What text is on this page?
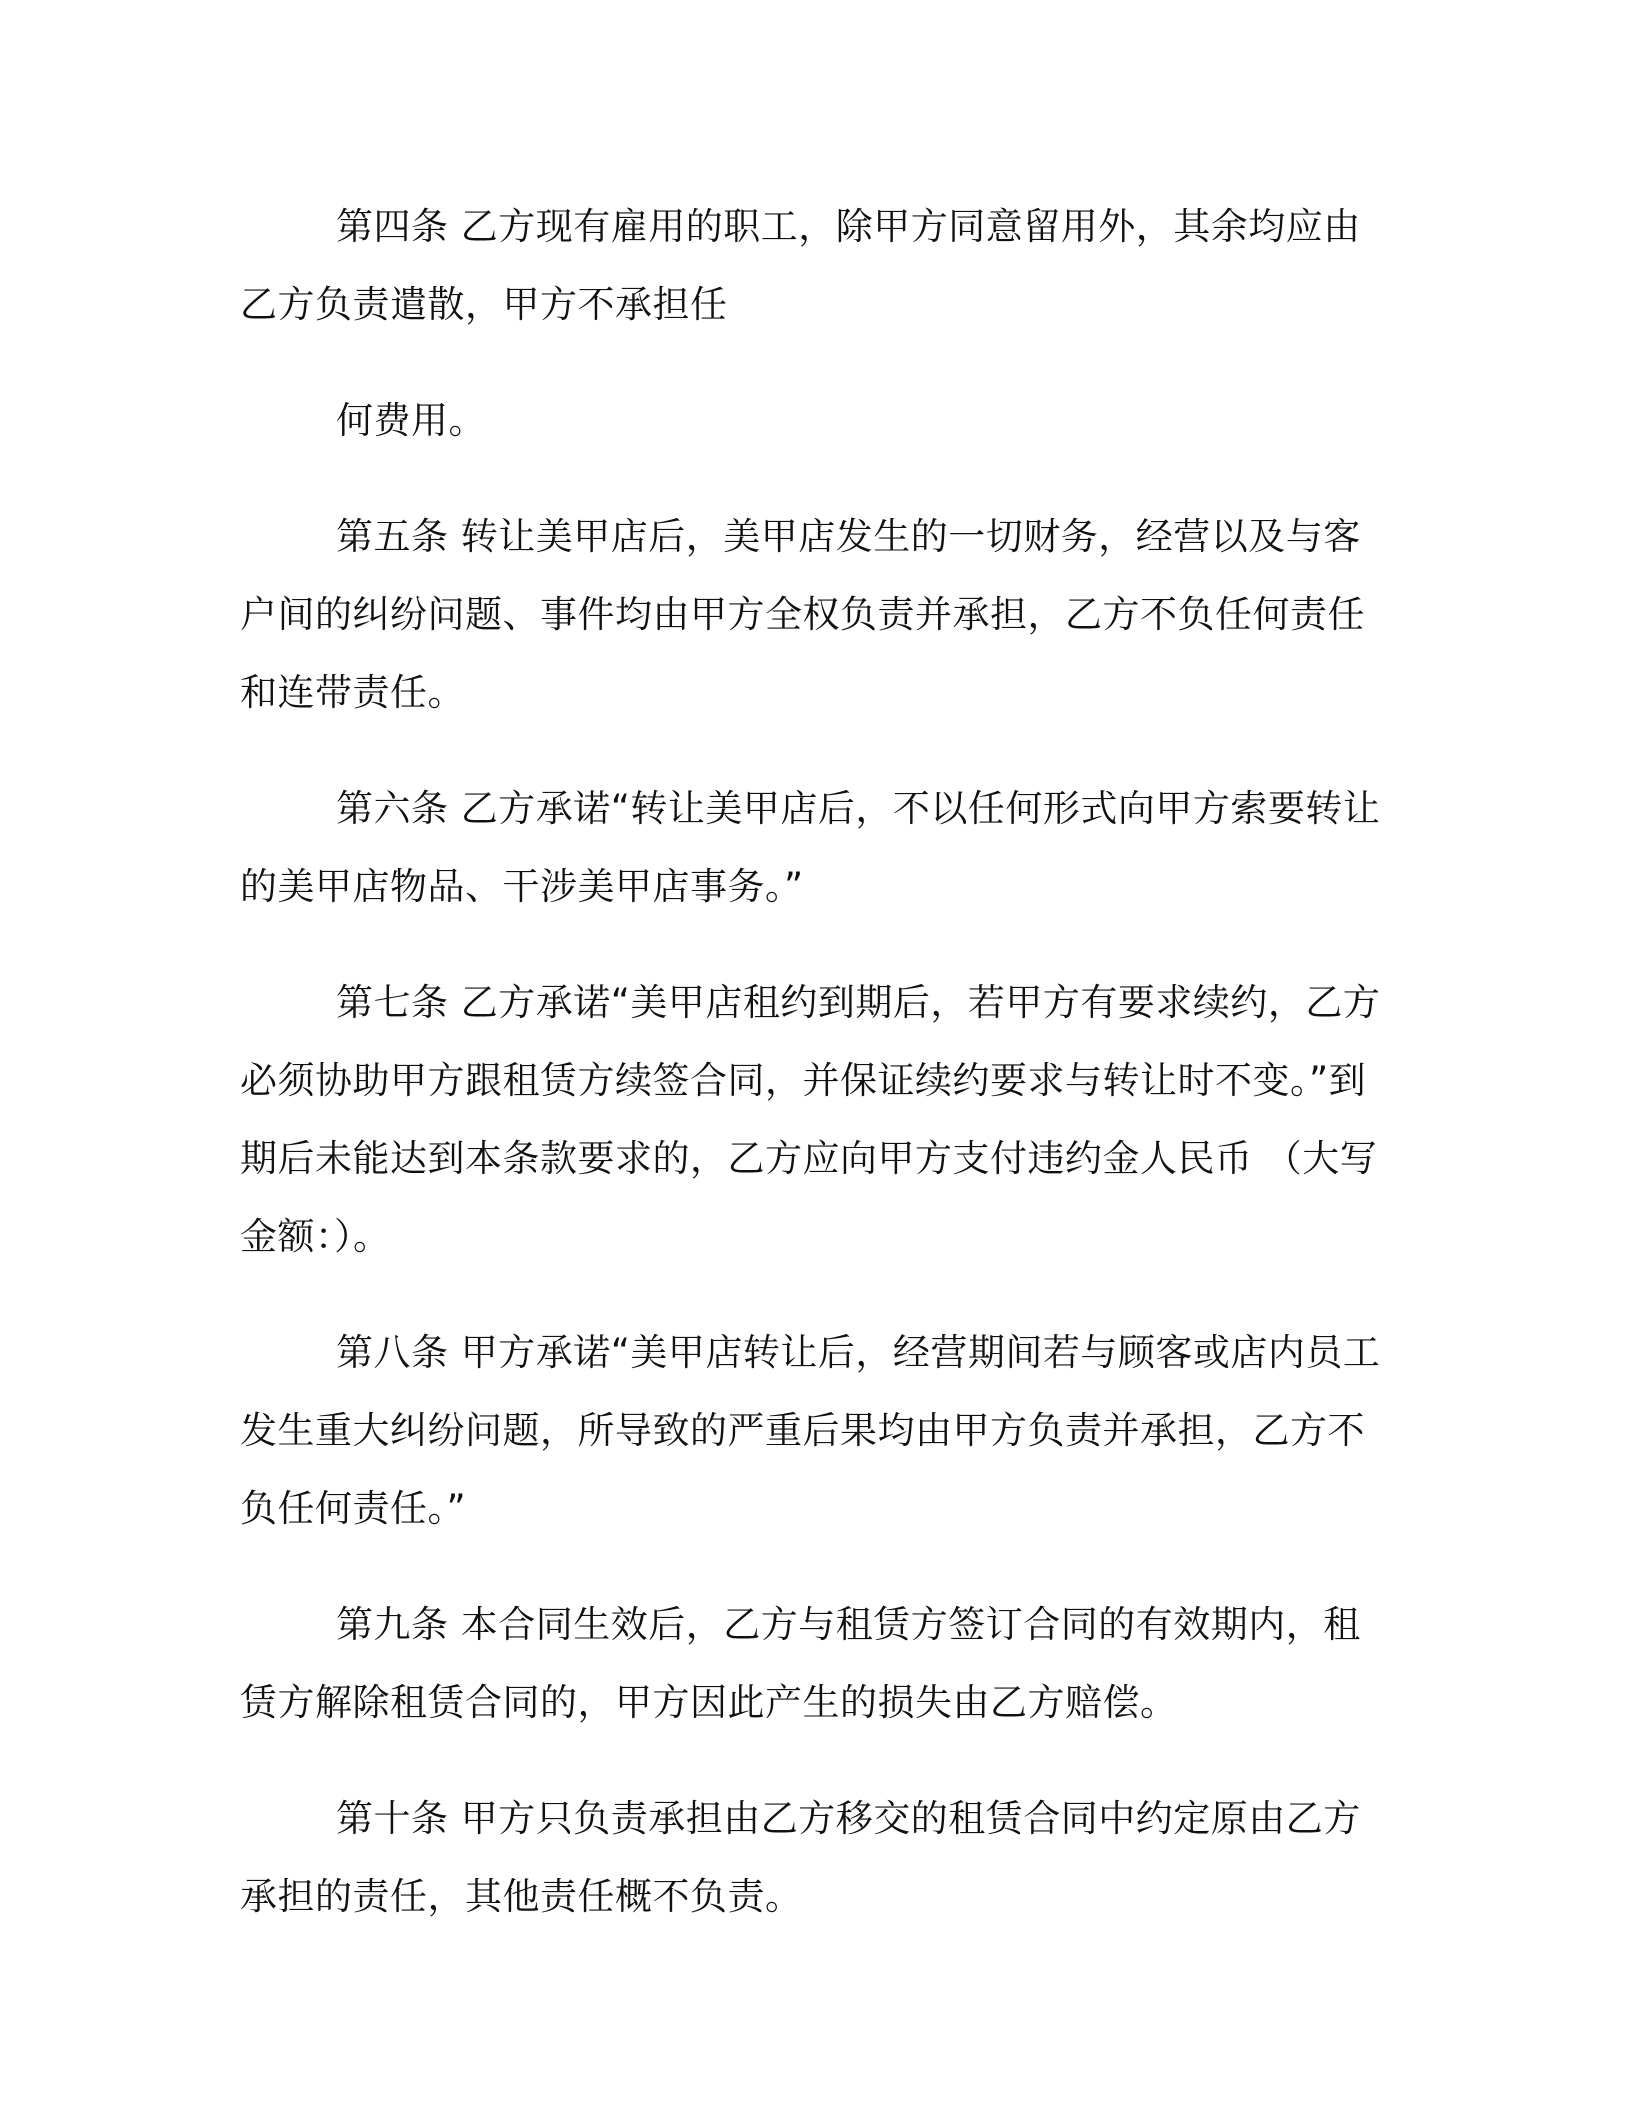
第四条 乙方现有雇用的职工，除甲方同意留用外，其余均应由乙方负责遣散，甲方不承担任

何费用。

第五条 转让美甲店后，美甲店发生的一切财务，经营以及与客户间的纠纷问题、事件均由甲方全权负责并承担，乙方不负任何责任和连带责任。

第六条 乙方承诺“转让美甲店后，不以任何形式向甲方索要转让的美甲店物品、干涉美甲店事务。”

第七条 乙方承诺“美甲店租约到期后，若甲方有要求续约，乙方必须协助甲方跟租赁方续签合同，并保证续约要求与转让时不变。”到期后未能达到本条款要求的，乙方应向甲方支付违约金人民币 （大写金额：）。

第八条 甲方承诺“美甲店转让后，经营期间若与顾客或店内员工发生重大纠纷问题，所导致的严重后果均由甲方负责并承担，乙方不负任何责任。”

第九条 本合同生效后，乙方与租赁方签订合同的有效期内，租赁方解除租赁合同的，甲方因此产生的损失由乙方赔偿。

第十条 甲方只负责承担由乙方移交的租赁合同中约定原由乙方承担的责任，其他责任概不负责。
